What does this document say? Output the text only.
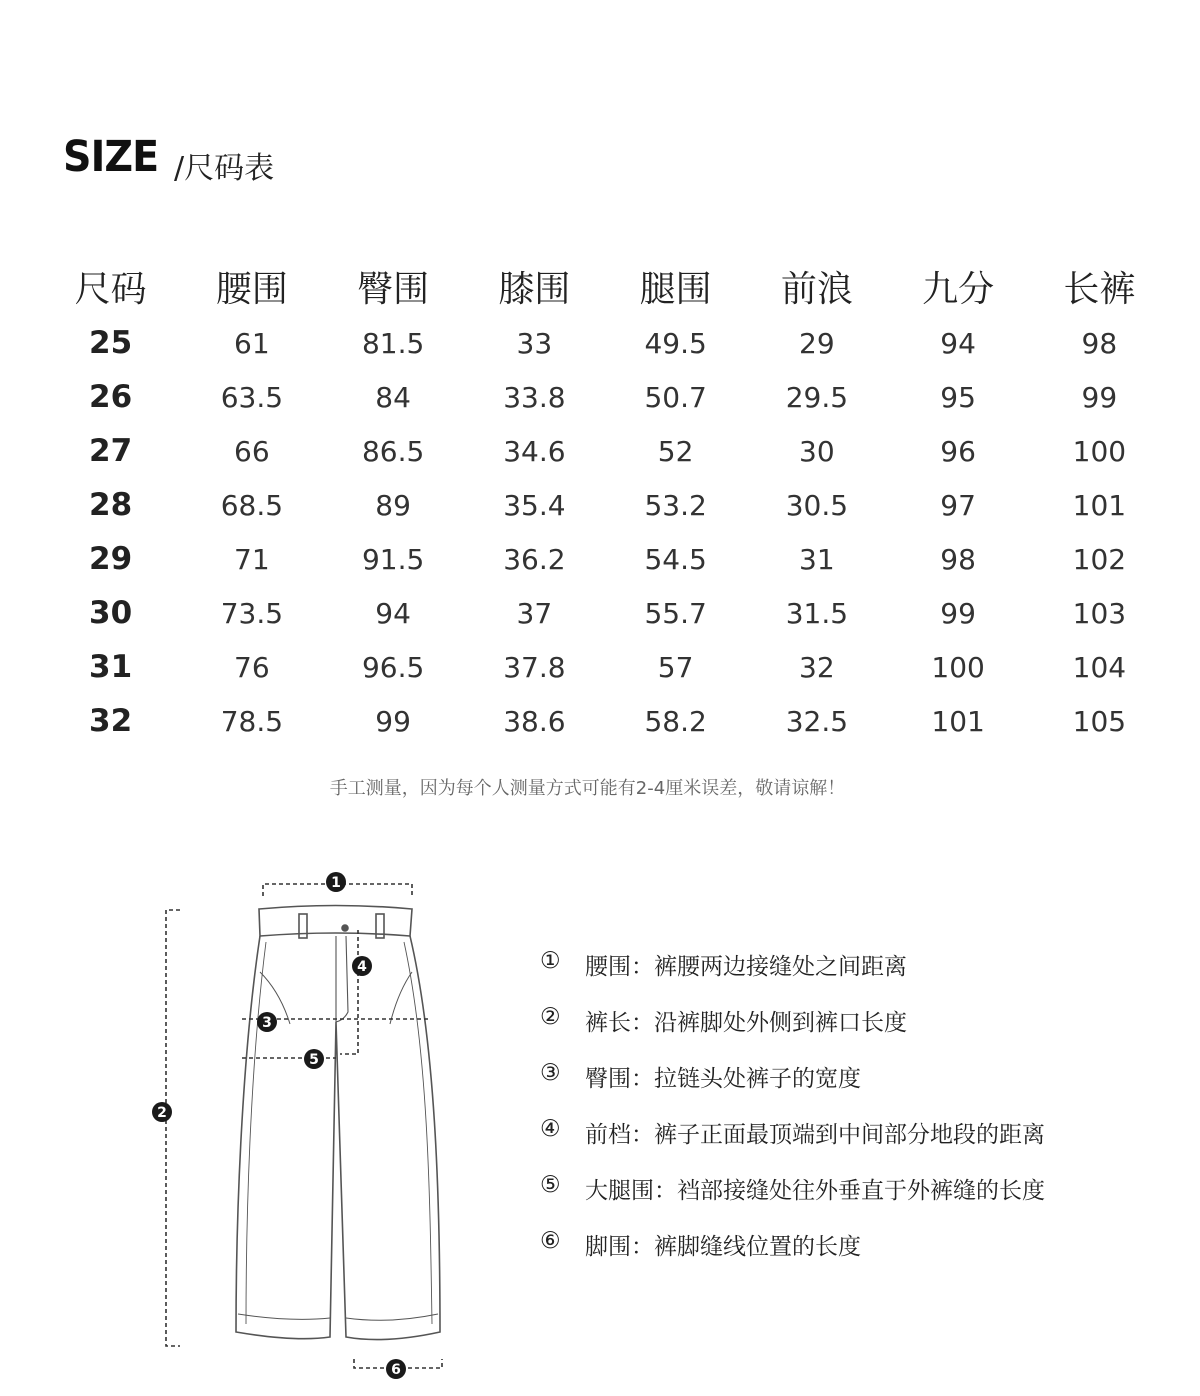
SIZE /尺码表
尺码	腰围	臀围	膝围	腿围	前浪	九分	长裤
25	61	81.5	33	49.5	29	94	98
26	63.5	84	33.8	50.7	29.5	95	99
27	66	86.5	34.6	52	30	96	100
28	68.5	89	35.4	53.2	30.5	97	101
29	71	91.5	36.2	54.5	31	98	102
30	73.5	94	37	55.7	31.5	99	103
31	76	96.5	37.8	57	32	100	104
32	78.5	99	38.6	58.2	32.5	101	105
手工测量，因为每个人测量方式可能有2-4厘米误差，敬请谅解！
1
2
3
4
5
6
①	腰围：裤腰两边接缝处之间距离
②	裤长：沿裤脚处外侧到裤口长度
③	臀围：拉链头处裤子的宽度
④	前档：裤子正面最顶端到中间部分地段的距离
⑤	大腿围：裆部接缝处往外垂直于外裤缝的长度
⑥	脚围：裤脚缝线位置的长度
